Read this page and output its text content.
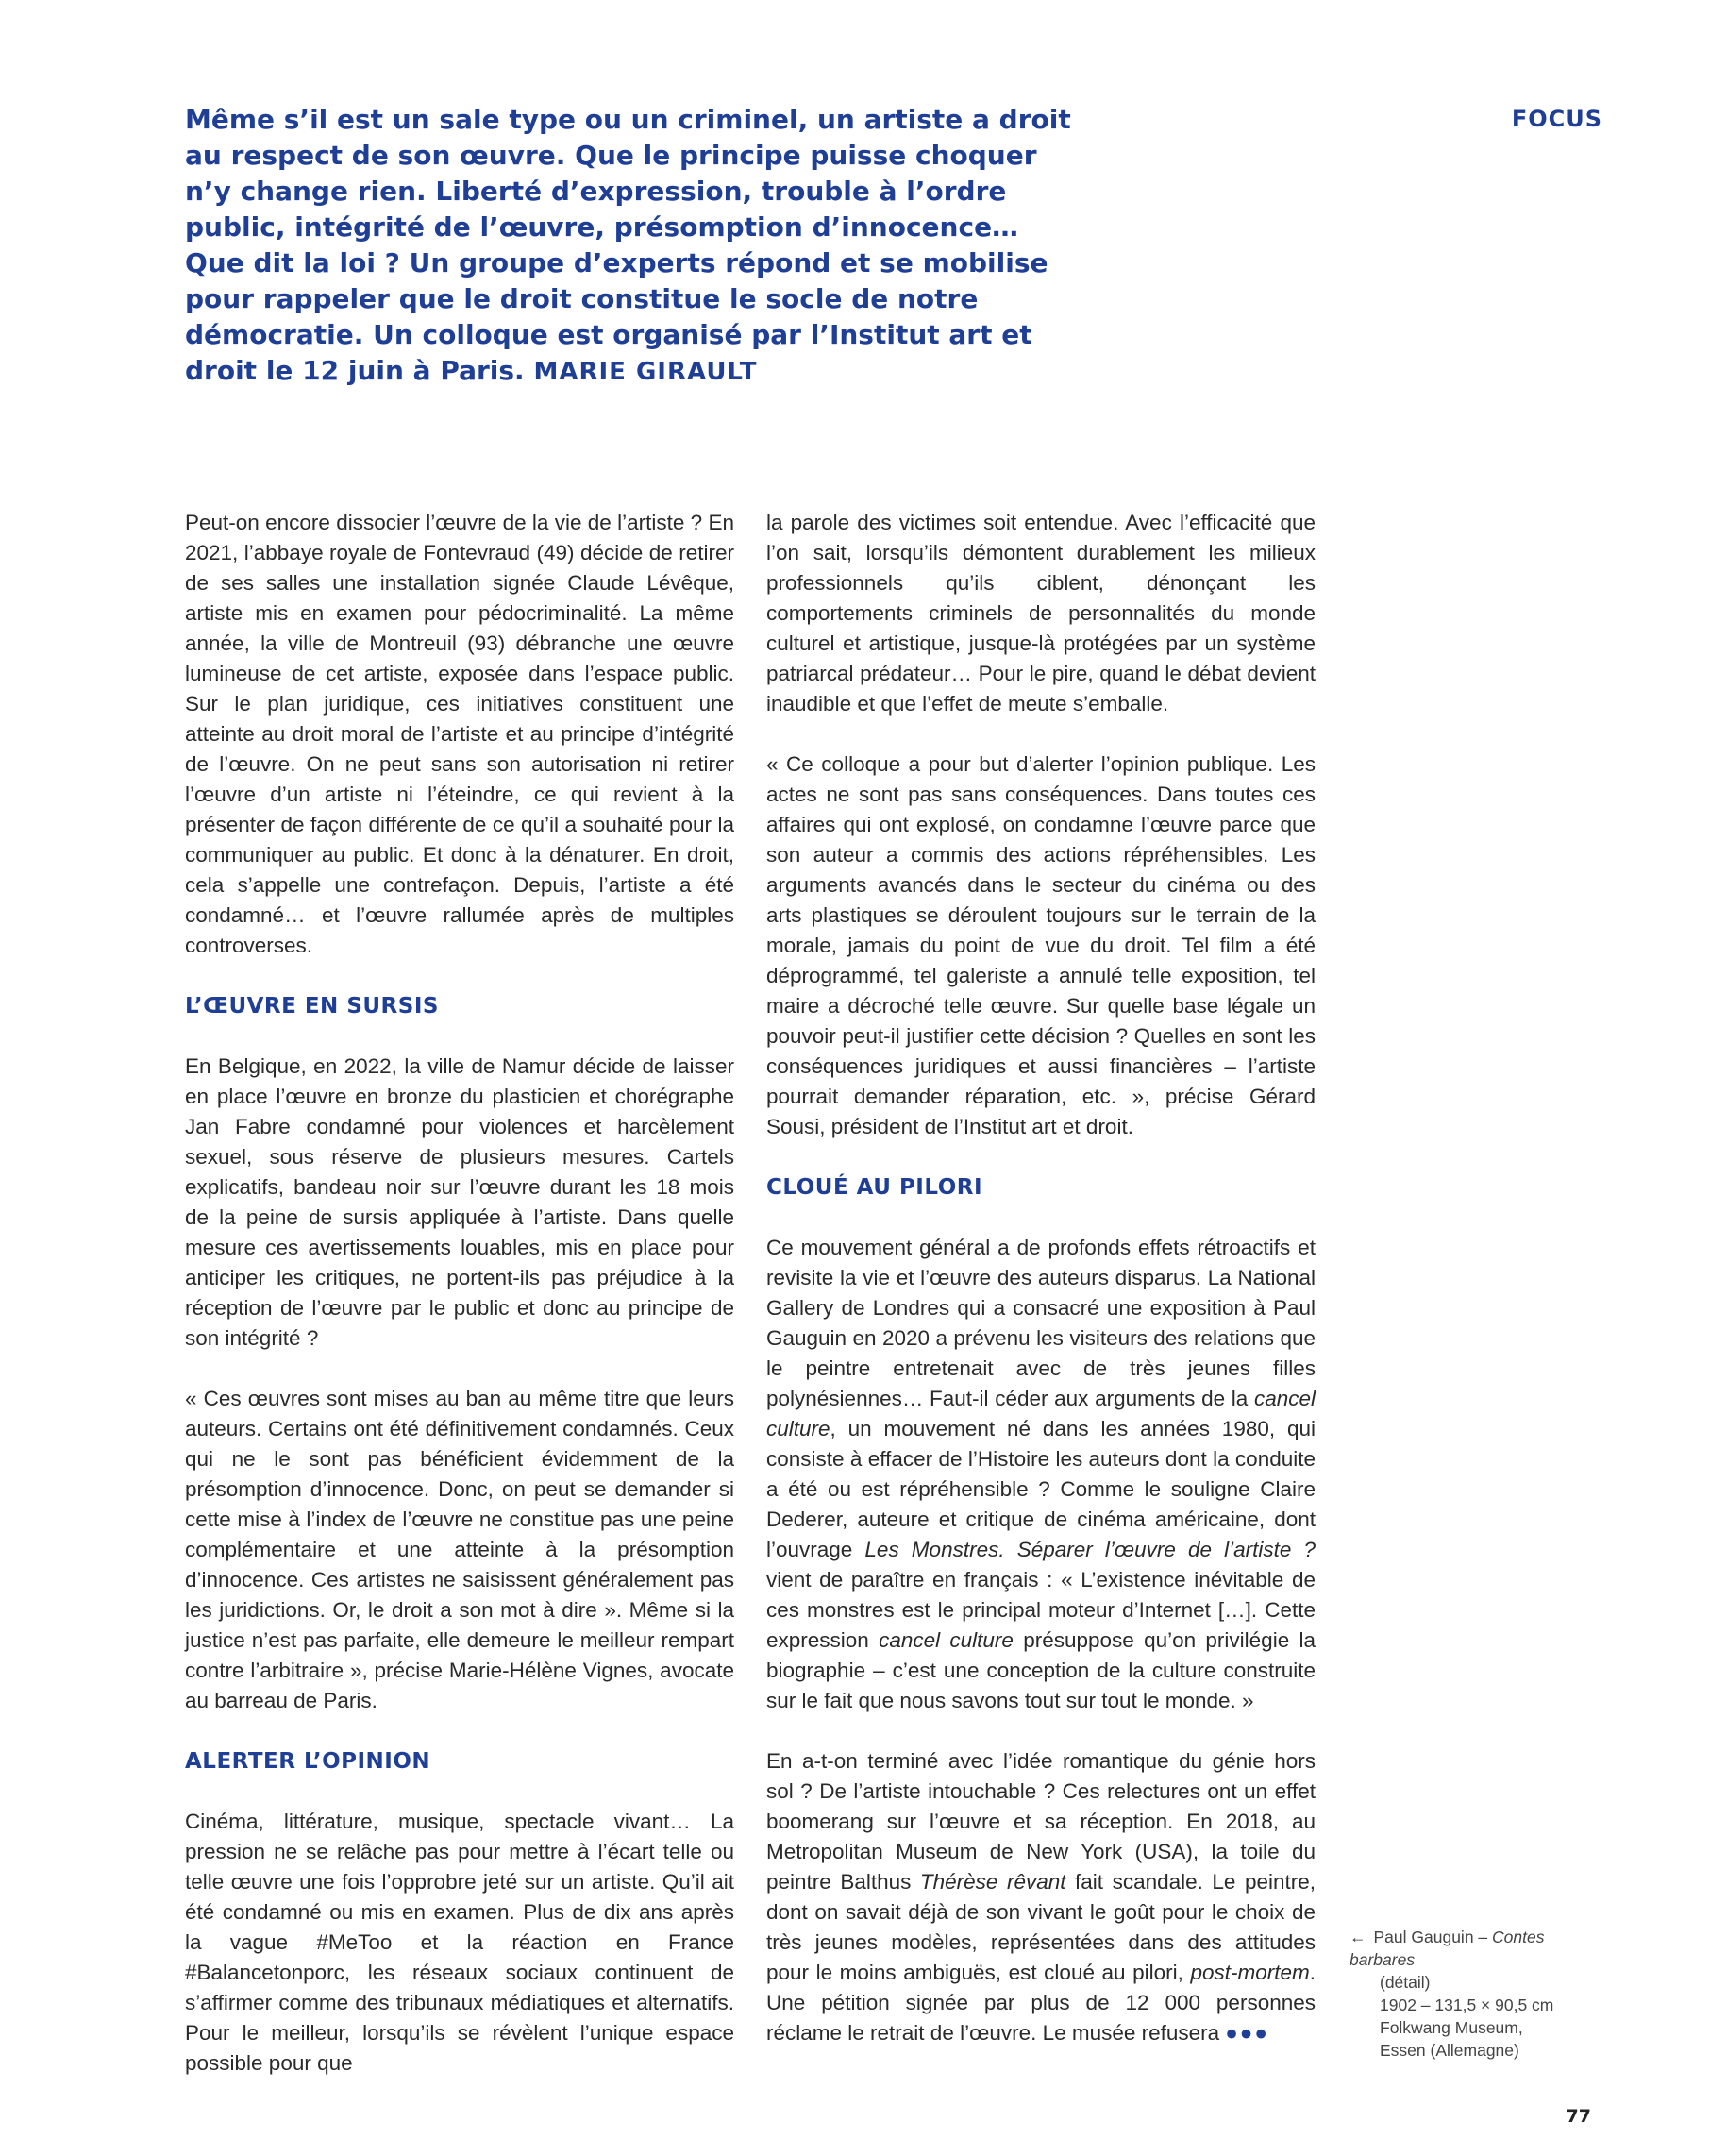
Même s’il est un sale type ou un criminel, un artiste a droit au respect de son œuvre. Que le principe puisse choquer n’y change rien. Liberté d’expression, trouble à l’ordre public, intégrité de l’œuvre, présomption d’innocence… Que dit la loi ? Un groupe d’experts répond et se mobilise pour rappeler que le droit constitue le socle de notre démocratie. Un colloque est organisé par l’Institut art et droit le 12 juin à Paris. MARIE GIRAULT
FOCUS

Peut-on encore dissocier l’œuvre de la vie de l’artiste ? En 2021, l’abbaye royale de Fontevraud (49) décide de retirer de ses salles une installation signée Claude Lévêque, artiste mis en examen pour pédocriminalité. La même année, la ville de Montreuil (93) débranche une œuvre lumineuse de cet artiste, exposée dans l’espace public. Sur le plan juridique, ces initiatives constituent une atteinte au droit moral de l’artiste et au principe d’intégrité de l’œuvre. On ne peut sans son autorisation ni retirer l’œuvre d’un artiste ni l’éteindre, ce qui revient à la présenter de façon différente de ce qu’il a souhaité pour la communiquer au public. Et donc à la dénaturer. En droit, cela s’appelle une contrefaçon. Depuis, l’artiste a été condamné… et l’œuvre rallumée après de multiples controverses.

L’ŒUVRE EN SURSIS

En Belgique, en 2022, la ville de Namur décide de laisser en place l’œuvre en bronze du plasticien et chorégraphe Jan Fabre condamné pour violences et harcèlement sexuel, sous réserve de plusieurs mesures. Cartels explicatifs, bandeau noir sur l’œuvre durant les 18 mois de la peine de sursis appliquée à l’artiste. Dans quelle mesure ces avertissements louables, mis en place pour anticiper les critiques, ne portent-ils pas préjudice à la réception de l’œuvre par le public et donc au principe de son intégrité ?

« Ces œuvres sont mises au ban au même titre que leurs auteurs. Certains ont été définitivement condamnés. Ceux qui ne le sont pas bénéficient évidemment de la présomption d’innocence. Donc, on peut se demander si cette mise à l’index de l’œuvre ne constitue pas une peine complémentaire et une atteinte à la présomption d’innocence. Ces artistes ne saisissent généralement pas les juridictions. Or, le droit a son mot à dire ». Même si la justice n’est pas parfaite, elle demeure le meilleur rempart contre l’arbitraire », précise Marie-Hélène Vignes, avocate au barreau de Paris.

ALERTER L’OPINION

Cinéma, littérature, musique, spectacle vivant… La pression ne se relâche pas pour mettre à l’écart telle ou telle œuvre une fois l’opprobre jeté sur un artiste. Qu’il ait été condamné ou mis en examen. Plus de dix ans après la vague #MeToo et la réaction en France #Balancetonporc, les réseaux sociaux continuent de s’affirmer comme des tribunaux médiatiques et alternatifs. Pour le meilleur, lorsqu’ils se révèlent l’unique espace possible pour que

la parole des victimes soit entendue. Avec l’efficacité que l’on sait, lorsqu’ils démontent durablement les milieux professionnels qu’ils ciblent, dénonçant les comportements criminels de personnalités du monde culturel et artistique, jusque-là protégées par un système patriarcal prédateur… Pour le pire, quand le débat devient inaudible et que l’effet de meute s’emballe.

« Ce colloque a pour but d’alerter l’opinion publique. Les actes ne sont pas sans conséquences. Dans toutes ces affaires qui ont explosé, on condamne l’œuvre parce que son auteur a commis des actions répréhensibles. Les arguments avancés dans le secteur du cinéma ou des arts plastiques se déroulent toujours sur le terrain de la morale, jamais du point de vue du droit. Tel film a été déprogrammé, tel galeriste a annulé telle exposition, tel maire a décroché telle œuvre. Sur quelle base légale un pouvoir peut-il justifier cette décision ? Quelles en sont les conséquences juridiques et aussi financières – l’artiste pourrait demander réparation, etc. », précise Gérard Sousi, président de l’Institut art et droit.

CLOUÉ AU PILORI

Ce mouvement général a de profonds effets rétroactifs et revisite la vie et l’œuvre des auteurs disparus. La National Gallery de Londres qui a consacré une exposition à Paul Gauguin en 2020 a prévenu les visiteurs des relations que le peintre entretenait avec de très jeunes filles polynésiennes… Faut-il céder aux arguments de la cancel culture, un mouvement né dans les années 1980, qui consiste à effacer de l’Histoire les auteurs dont la conduite a été ou est répréhensible ? Comme le souligne Claire Dederer, auteure et critique de cinéma américaine, dont l’ouvrage Les Monstres. Séparer l’œuvre de l’artiste ? vient de paraître en français : « L’existence inévitable de ces monstres est le principal moteur d’Internet […]. Cette expression cancel culture présuppose qu’on privilégie la biographie – c’est une conception de la culture construite sur le fait que nous savons tout sur tout le monde. »

En a-t-on terminé avec l’idée romantique du génie hors sol ? De l’artiste intouchable ? Ces relectures ont un effet boomerang sur l’œuvre et sa réception. En 2018, au Metropolitan Museum de New York (USA), la toile du peintre Balthus Thérèse rêvant fait scandale. Le peintre, dont on savait déjà de son vivant le goût pour le choix de très jeunes modèles, représentées dans des attitudes pour le moins ambiguës, est cloué au pilori, post-mortem. Une pétition signée par plus de 12 000 personnes réclame le retrait de l’œuvre. Le musée refusera ●●●

← Paul Gauguin – Contes barbares
(détail)
1902 – 131,5 × 90,5 cm
Folkwang Museum,
Essen (Allemagne)
77
